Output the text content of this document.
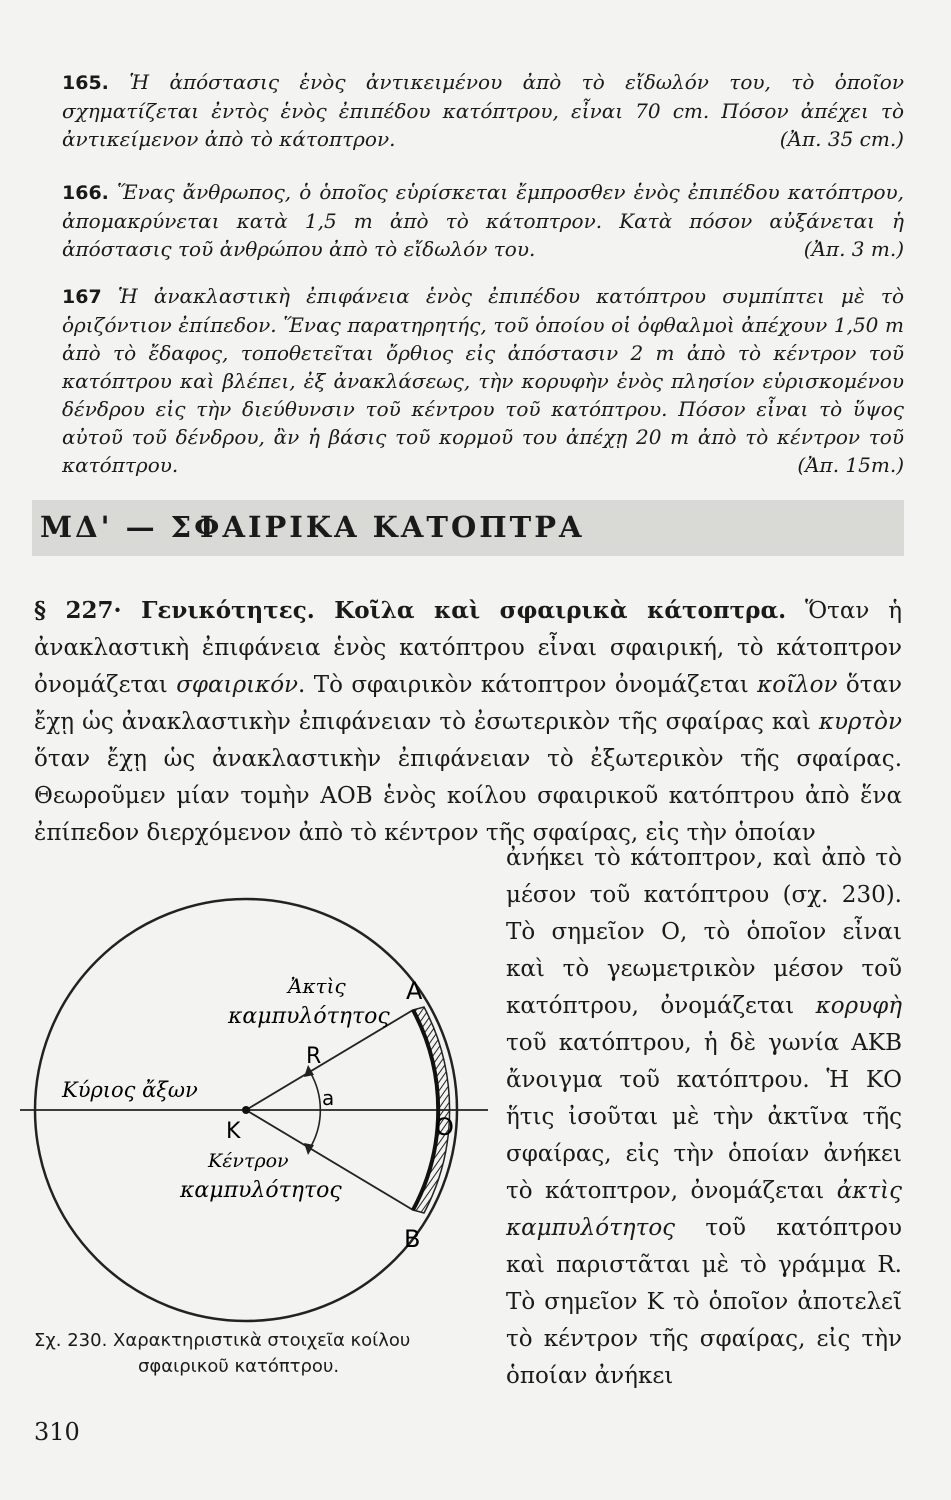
165. Ἡ ἀπόστασις ἑνὸς ἀντικειμένου ἀπὸ τὸ εἴδωλόν του, τὸ ὁποῖον σχηματίζεται ἐντὸς ἑνὸς ἐπιπέδου κατόπτρου, εἶναι 70 cm. Πόσον ἀπέχει τὸ ἀντικείμενον ἀπὸ τὸ κάτοπτρον.	(Ἀπ. 35 cm.)
166. Ἕνας ἄνθρωπος, ὁ ὁποῖος εὑρίσκεται ἔμπροσθεν ἑνὸς ἐπιπέδου κατόπτρου, ἀπομακρύνεται κατὰ 1,5 m ἀπὸ τὸ κάτοπτρον. Κατὰ πόσον αὐξάνεται ἡ ἀπόστασις τοῦ ἀνθρώπου ἀπὸ τὸ εἴδωλόν του.	(Ἀπ. 3 m.)
167 Ἡ ἀνακλαστικὴ ἐπιφάνεια ἑνὸς ἐπιπέδου κατόπτρου συμπίπτει μὲ τὸ ὁριζόντιον ἐπίπεδον. Ἕνας παρατηρητής, τοῦ ὁποίου οἱ ὀφθαλμοὶ ἀπέχουν 1,50 m ἀπὸ τὸ ἔδαφος, τοποθετεῖται ὄρθιος εἰς ἀπόστασιν 2 m ἀπὸ τὸ κέντρον τοῦ κατόπτρου καὶ βλέπει, ἐξ ἀνακλάσεως, τὴν κορυφὴν ἑνὸς πλησίον εὑρισκομένου δένδρου εἰς τὴν διεύθυνσιν τοῦ κέντρου τοῦ κατόπτρου. Πόσον εἶναι τὸ ὕψος αὐτοῦ τοῦ δένδρου, ἂν ἡ βάσις τοῦ κορμοῦ του ἀπέχῃ 20 m ἀπὸ τὸ κέντρον τοῦ κατόπτρου.	(Ἀπ. 15m.)
ΜΔ' — ΣΦΑΙΡΙΚΑ ΚΑΤΟΠΤΡΑ
§ 227· Γενικότητες. Κοῖλα καὶ σφαιρικὰ κάτοπτρα. Ὅταν ἡ ἀνακλαστικὴ ἐπιφάνεια ἑνὸς κατόπτρου εἶναι σφαιρική, τὸ κάτοπτρον ὀνομάζεται σφαιρικόν. Τὸ σφαιρικὸν κάτοπτρον ὀνομάζεται κοῖλον ὅταν ἔχῃ ὡς ἀνακλαστικὴν ἐπιφάνειαν τὸ ἐσωτερικὸν τῆς σφαίρας καὶ κυρτὸν ὅταν ἔχῃ ὡς ἀνακλαστικὴν ἐπιφάνειαν τὸ ἐξωτερικὸν τῆς σφαίρας. Θεωροῦμεν μίαν τομὴν ΑΟΒ ἑνὸς κοίλου σφαιρικοῦ κατόπτρου ἀπὸ ἕνα ἐπίπεδον διερχόμενον ἀπὸ τὸ κέντρον τῆς σφαίρας, εἰς τὴν ὁποίαν
ἀνήκει τὸ κάτοπτρον, καὶ ἀπὸ τὸ μέσον τοῦ κατόπτρου (σχ. 230). Τὸ σημεῖον Ο, τὸ ὁποῖον εἶναι καὶ τὸ γεωμετρικὸν μέσον τοῦ κατόπτρου, ὀνομάζεται κορυφὴ τοῦ κατόπτρου, ἡ δὲ γωνία ΑΚΒ ἄνοιγμα τοῦ κατόπτρου. Ἡ ΚΟ ἥτις ἰσοῦται μὲ τὴν ἀκτῖνα τῆς σφαίρας, εἰς τὴν ὁποίαν ἀνήκει τὸ κάτοπτρον, ὀνομάζεται ἀκτὶς καμπυλότητος τοῦ κατόπτρου καὶ παριστᾶται μὲ τὸ γράμμα R. Τὸ σημεῖον Κ τὸ ὁποῖον ἀποτελεῖ τὸ κέντρον τῆς σφαίρας, εἰς τὴν ὁποίαν ἀνήκει
Ἀκτὶς
καμπυλότητος
A
R
a
Κύριος ἄξων
K	O
Κέντρον
καμπυλότητος
B
Σχ. 230. Χαρακτηριστικὰ στοιχεῖα κοίλου
σφαιρικοῦ κατόπτρου.
310
